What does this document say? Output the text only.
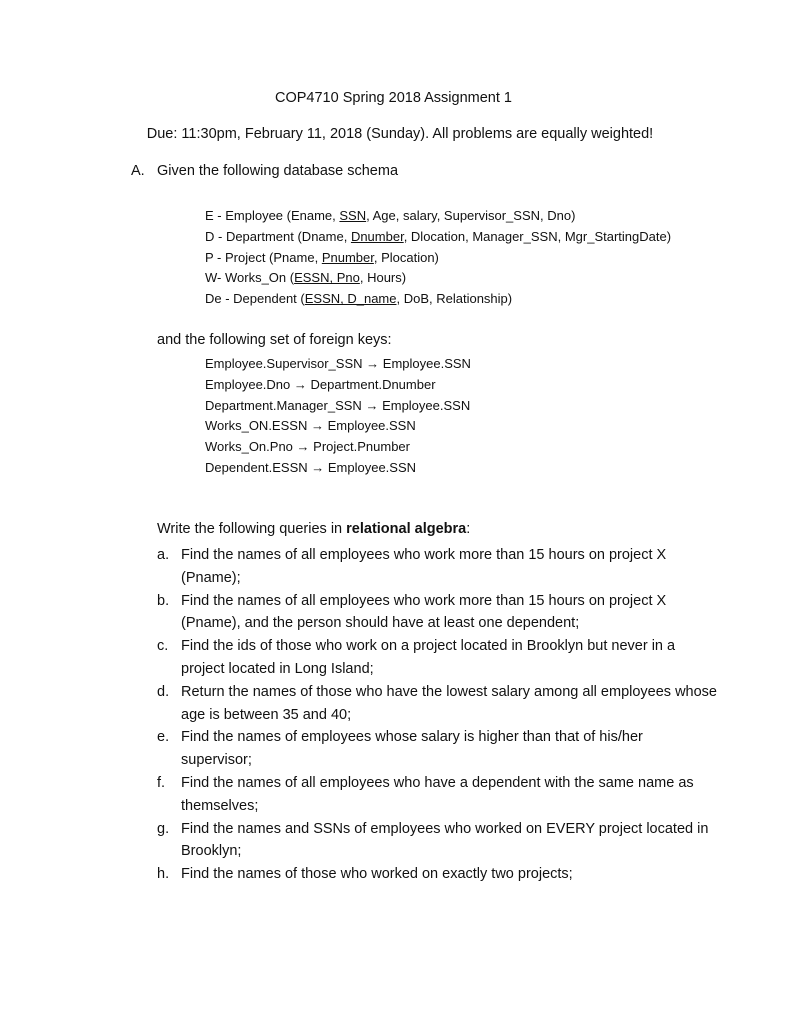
COP4710 Spring 2018 Assignment 1
Due: 11:30pm, February 11, 2018 (Sunday). All problems are equally weighted!
A. Given the following database schema
E - Employee (Ename, SSN, Age, salary, Supervisor_SSN, Dno)
D - Department (Dname, Dnumber, Dlocation, Manager_SSN, Mgr_StartingDate)
P - Project (Pname, Pnumber, Plocation)
W- Works_On (ESSN, Pno, Hours)
De - Dependent (ESSN, D_name, DoB, Relationship)
and the following set of foreign keys:
Employee.Supervisor_SSN → Employee.SSN
Employee.Dno → Department.Dnumber
Department.Manager_SSN → Employee.SSN
Works_ON.ESSN → Employee.SSN
Works_On.Pno → Project.Pnumber
Dependent.ESSN → Employee.SSN
Write the following queries in relational algebra:
a. Find the names of all employees who work more than 15 hours on project X (Pname);
b. Find the names of all employees who work more than 15 hours on project X (Pname), and the person should have at least one dependent;
c. Find the ids of those who work on a project located in Brooklyn but never in a project located in Long Island;
d. Return the names of those who have the lowest salary among all employees whose age is between 35 and 40;
e. Find the names of employees whose salary is higher than that of his/her supervisor;
f.	Find the names of all employees who have a dependent with the same name as themselves;
g. Find the names and SSNs of employees who worked on EVERY project located in Brooklyn;
h. Find the names of those who worked on exactly two projects;
